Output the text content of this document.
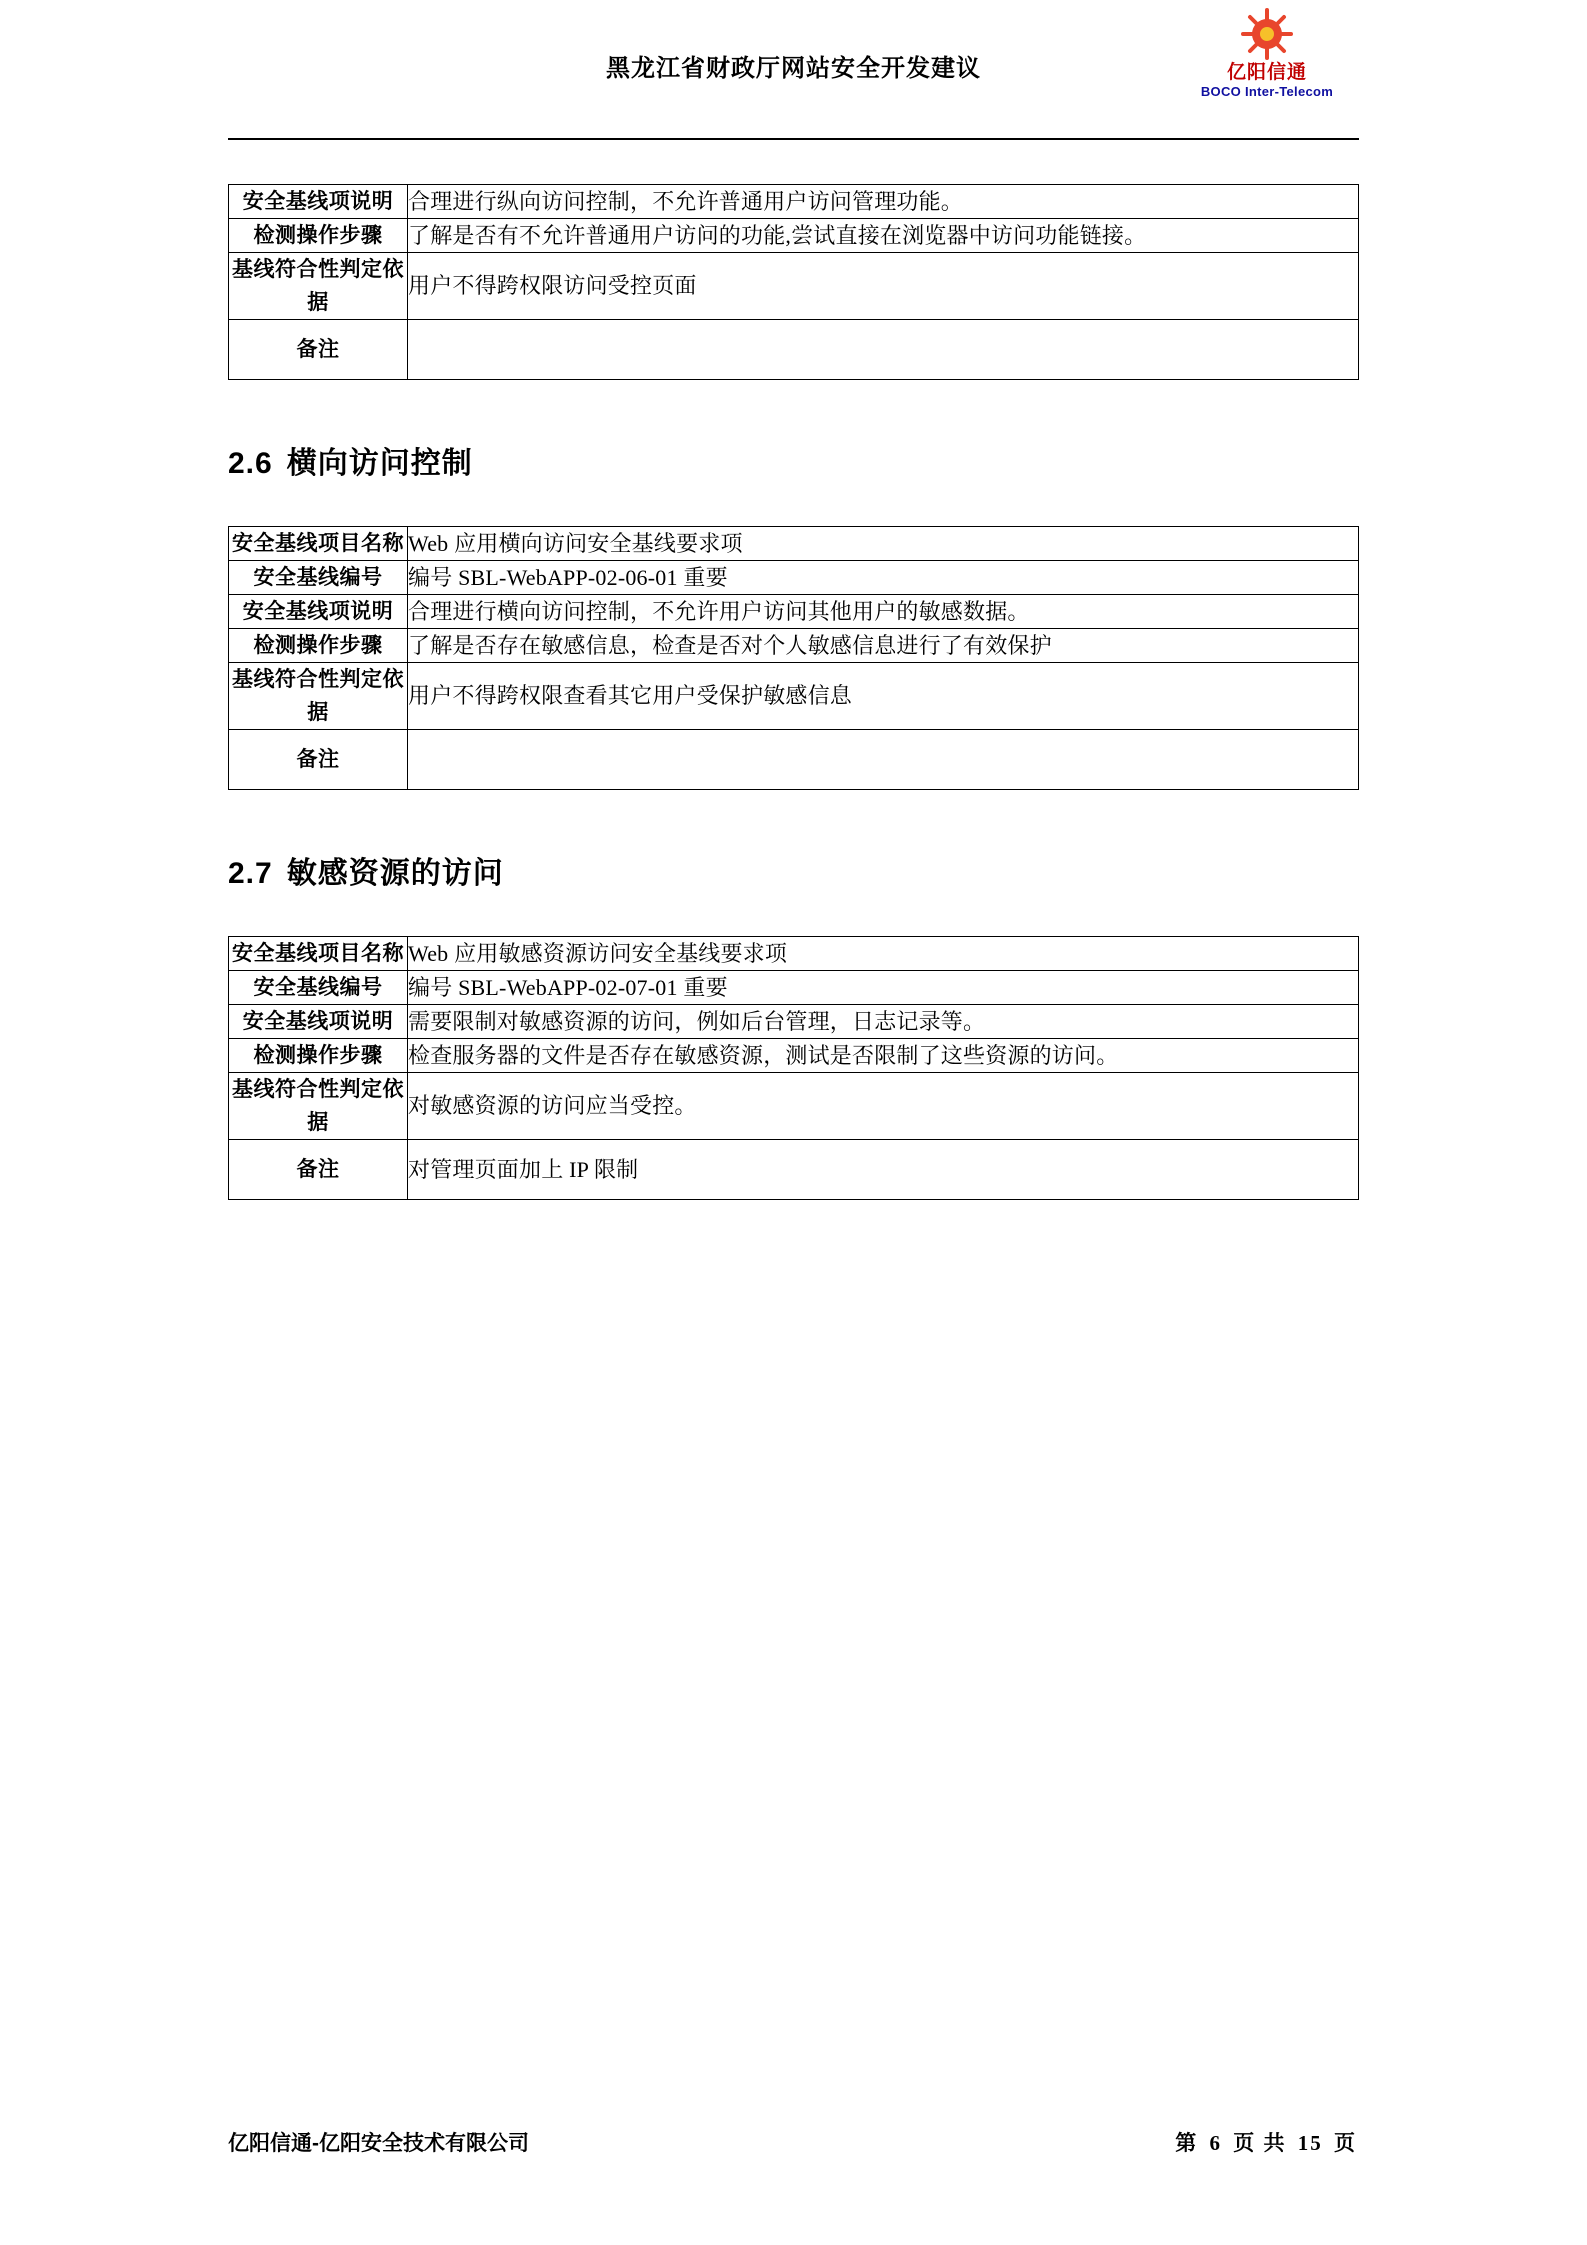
黑龙江省财政厅网站安全开发建议	亿阳信通
BOCO Inter-Telecom
安全基线项说明	合理进行纵向访问控制，不允许普通用户访问管理功能。
检测操作步骤	了解是否有不允许普通用户访问的功能,尝试直接在浏览器中访问功能链接。
基线符合性判定依据	用户不得跨权限访问受控页面
备注	
2.6 横向访问控制
安全基线项目名称	Web 应用横向访问安全基线要求项
安全基线编号	编号 SBL-WebAPP-02-06-01 重要
安全基线项说明	合理进行横向访问控制，不允许用户访问其他用户的敏感数据。
检测操作步骤	了解是否存在敏感信息，检查是否对个人敏感信息进行了有效保护
基线符合性判定依据	用户不得跨权限查看其它用户受保护敏感信息
备注	
2.7 敏感资源的访问
安全基线项目名称	Web 应用敏感资源访问安全基线要求项
安全基线编号	编号 SBL-WebAPP-02-07-01 重要
安全基线项说明	需要限制对敏感资源的访问，例如后台管理，日志记录等。
检测操作步骤	检查服务器的文件是否存在敏感资源，测试是否限制了这些资源的访问。
基线符合性判定依据	对敏感资源的访问应当受控。
备注	对管理页面加上 IP 限制
亿阳信通-亿阳安全技术有限公司	第 6 页 共 15 页
